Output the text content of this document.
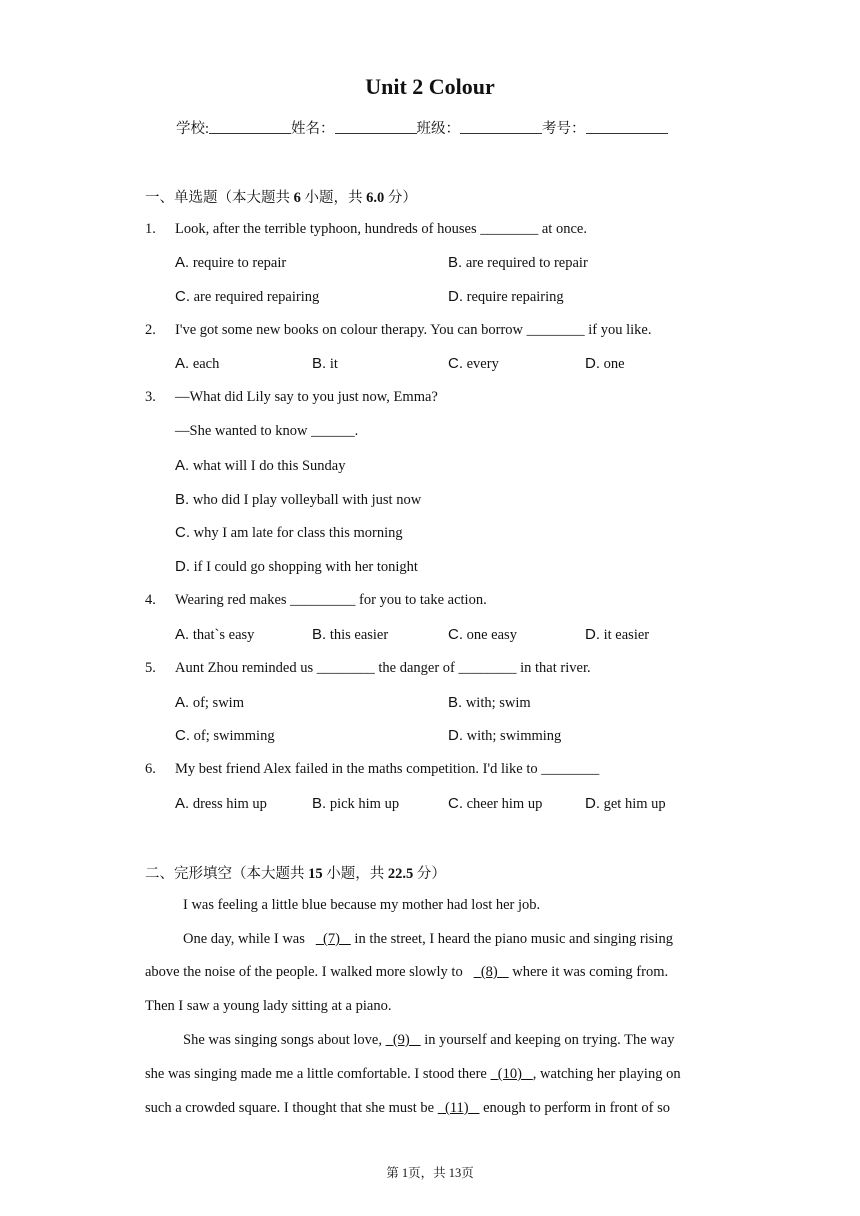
Unit 2 Colour
学校:	姓名：	班级：	考号：
一、单选题（本大题共 6 小题，共 6.0 分）
1. Look, after the terrible typhoon, hundreds of houses ________ at once.
A. require to repair	B. are required to repair
C. are required repairing	D. require repairing
2. I've got some new books on colour therapy. You can borrow ________ if you like.
A. each	B. it	C. every	D. one
3. —What did Lily say to you just now, Emma?
—She wanted to know ______.
A. what will I do this Sunday
B. who did I play volleyball with just now
C. why I am late for class this morning
D. if I could go shopping with her tonight
4. Wearing red makes _________ for you to take action.
A. that`s easy	B. this easier	C. one easy	D. it easier
5. Aunt Zhou reminded us ________ the danger of ________ in that river.
A. of; swim	B. with; swim
C. of; swimming	D. with; swimming
6. My best friend Alex failed in the maths competition. I'd like to ________
A. dress him up	B. pick him up	C. cheer him up	D. get him up
二、完形填空（本大题共 15 小题，共 22.5 分）
I was feeling a little blue because my mother had lost her job.
One day, while I was (7) in the street, I heard the piano music and singing rising
above the noise of the people. I walked more slowly to (8) where it was coming from.
Then I saw a young lady sitting at a piano.
She was singing songs about love, (9) in yourself and keeping on trying. The way
she was singing made me a little comfortable. I stood there (10) , watching her playing on
such a crowded square. I thought that she must be (11) enough to perform in front of so
第 1页，共 13页
